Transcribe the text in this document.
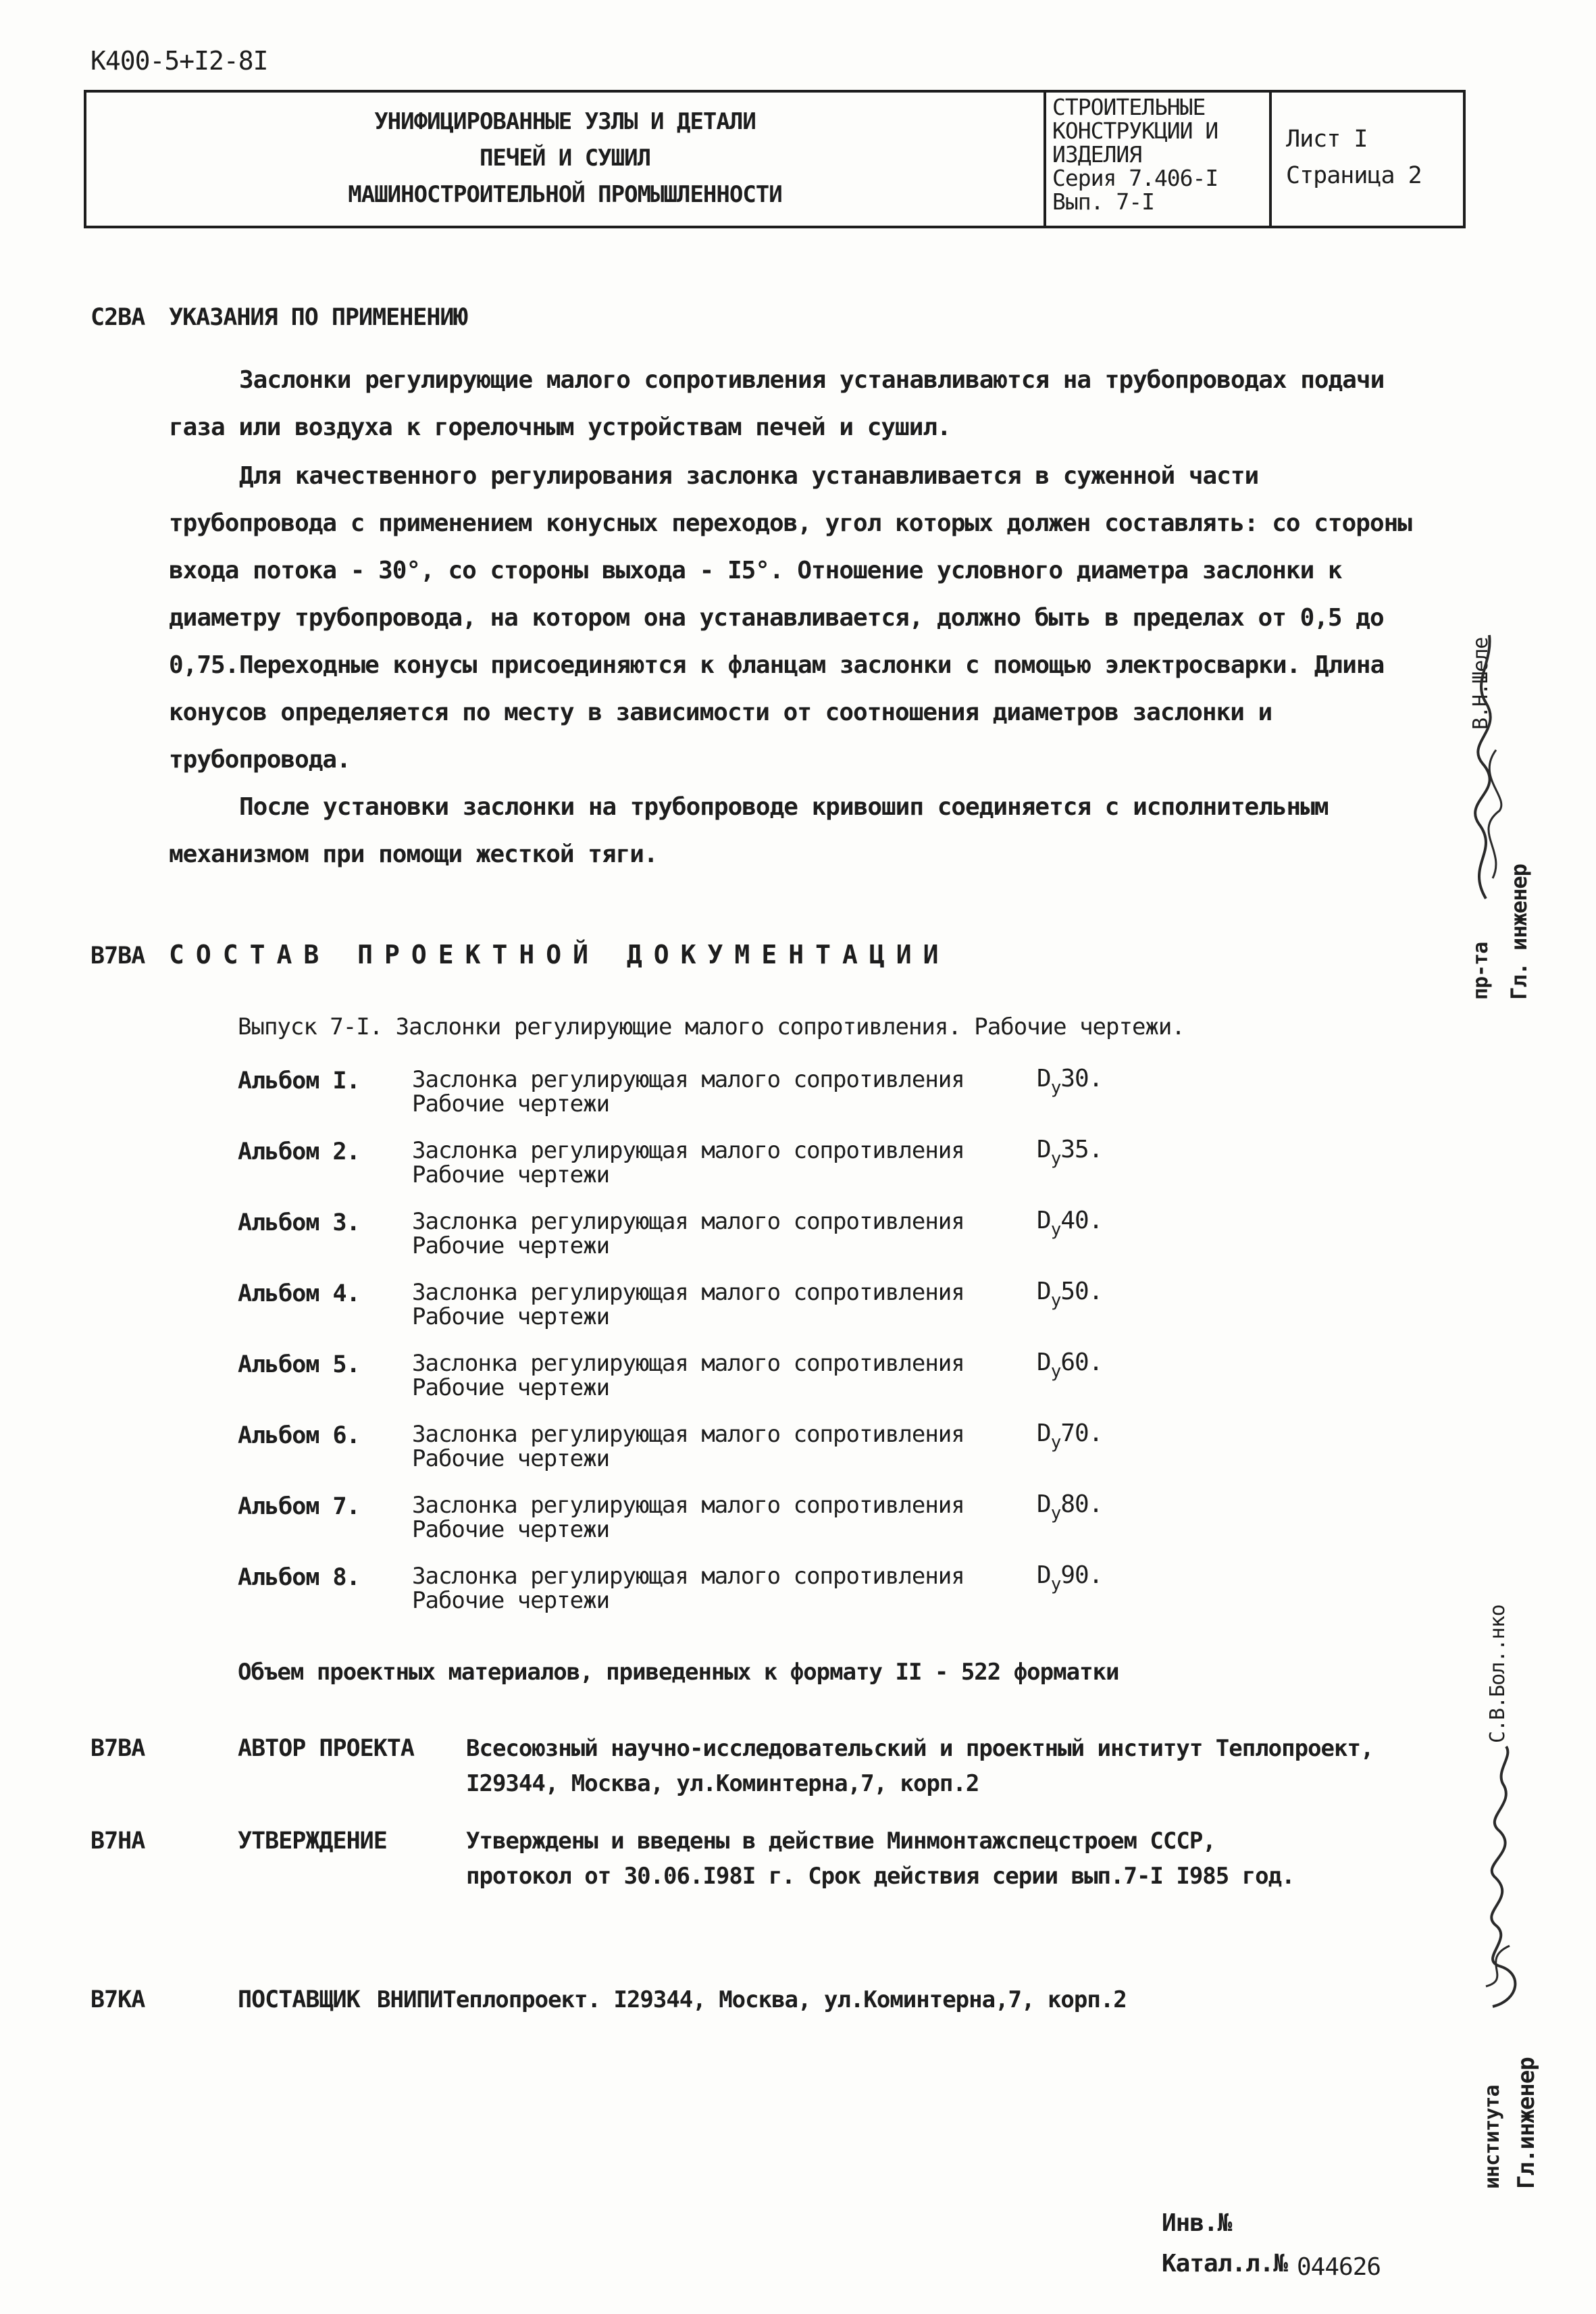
К400-5+I2-8I
УНИФИЦИРОВАННЫЕ УЗЛЫ И ДЕТАЛИ
ПЕЧЕЙ И СУШИЛ
МАШИНОСТРОИТЕЛЬНОЙ ПРОМЫШЛЕННОСТИ
СТРОИТЕЛЬНЫЕ
КОНСТРУКЦИИ И
ИЗДЕЛИЯ
Серия 7.406-I
Вып. 7-I
Лист I
Страница 2
С2ВА УКАЗАНИЯ ПО ПРИМЕНЕНИЮ

Заслонки регулирующие малого сопротивления устанавливаются на трубопроводах подачи газа или воздуха к горелочным устройствам печей и сушил.

Для качественного регулирования заслонка устанавливается в суженной части трубопровода с применением конусных переходов, угол которых должен составлять: со стороны входа потока - 30°, со стороны выхода - I5°. Отношение условного диаметра заслонки к диаметру трубопровода, на котором она устанавливается, должно быть в пределах от 0,5 до 0,75. Переходные конусы присоединяются к фланцам заслонки с помощью электросварки. Длина конусов определяется по месту в зависимости от соотношения диаметров заслонки и трубопровода.

После установки заслонки на трубопроводе кривошип соединяется с исполнительным механизмом при помощи жесткой тяги.

В7ВА СОСТАВ ПРОЕКТНОЙ ДОКУМЕНТАЦИИ
Выпуск 7-I. Заслонки регулирующие малого сопротивления. Рабочие чертежи.
Альбом I. Заслонка регулирующая малого сопротивления
Рабочие чертежи
$D_у30$.
Альбом 2. Заслонка регулирующая малого сопротивления
Рабочие чертежи
$D_у35$.
Альбом 3. Заслонка регулирующая малого сопротивления
Рабочие чертежи
$D_у40$.
Альбом 4. Заслонка регулирующая малого сопротивления
Рабочие чертежи
$D_у50$.
Альбом 5. Заслонка регулирующая малого сопротивления
Рабочие чертежи
$D_у60$.
Альбом 6. Заслонка регулирующая малого сопротивления
Рабочие чертежи
$D_у70$.
Альбом 7. Заслонка регулирующая малого сопротивления
Рабочие чертежи
$D_у80$.
Альбом 8. Заслонка регулирующая малого сопротивления
Рабочие чертежи
$D_у90$.
Объем проектных материалов, приведенных к формату II - 522 форматки
В7ВА	АВТОР ПРОЕКТА Всесоюзный научно-исследовательский и проектный институт Теплопроект,
I29344, Москва, ул.Коминтерна,7, корп.2
В7НА	УТВЕРЖДЕНИЕ	Утверждены и введены в действие Минмонтажспецстроем СССР,
протокол от 30.06.I98I г. Срок действия серии вып.7-I I985 год.
В7КА	ПОСТАВЩИК ВНИПИТеплопроект. I29344, Москва, ул.Коминтерна,7, корп.2
Гл. инженер
пр-та
В.Н.Шеле
Гл.инженер
института
С.В.Бол..нко
Инв.№
Катал.л.№ 044626
